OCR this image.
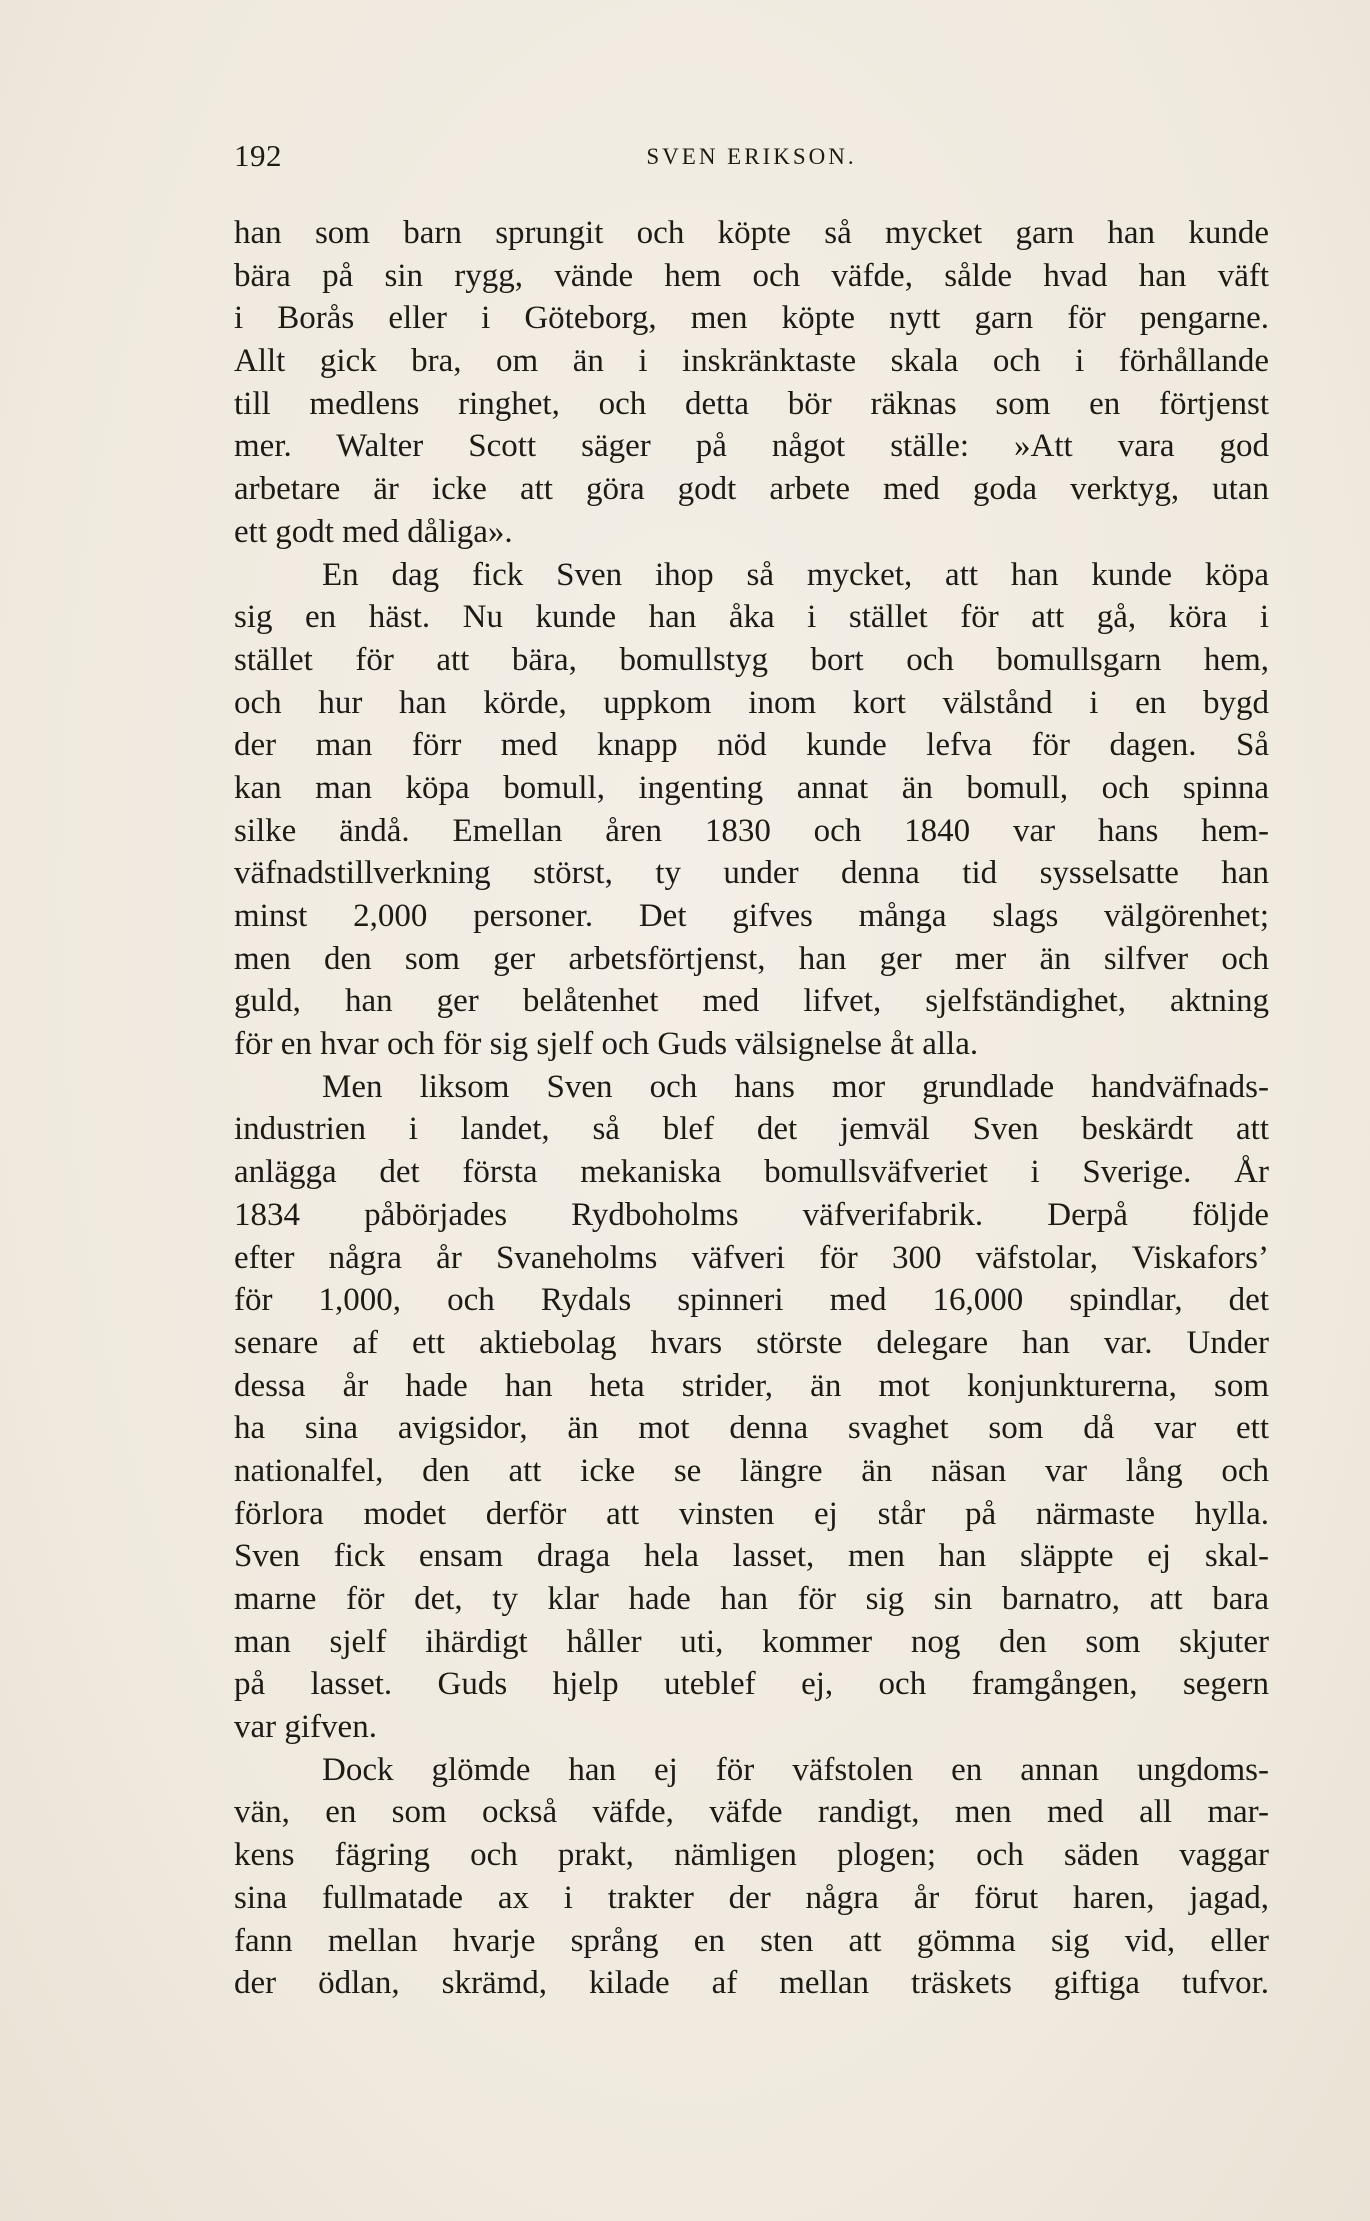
192	SVEN ERIKSON.
han som barn sprungit och köpte så mycket garn han kunde
bära på sin rygg, vände hem och väfde, sålde hvad han väft
i Borås eller i Göteborg, men köpte nytt garn för pengarne.
Allt gick bra, om än i inskränktaste skala och i förhållande
till medlens ringhet, och detta bör räknas som en förtjenst
mer. Walter Scott säger på något ställe: »Att vara god
arbetare är icke att göra godt arbete med goda verktyg, utan
ett godt med dåliga».
En dag fick Sven ihop så mycket, att han kunde köpa
sig en häst. Nu kunde han åka i stället för att gå, köra i
stället för att bära, bomullstyg bort och bomullsgarn hem,
och hur han körde, uppkom inom kort välstånd i en bygd
der man förr med knapp nöd kunde lefva för dagen. Så
kan man köpa bomull, ingenting annat än bomull, och spinna
silke ändå. Emellan åren 1830 och 1840 var hans hem-
väfnadstillverkning störst, ty under denna tid sysselsatte han
minst 2,000 personer. Det gifves många slags välgörenhet;
men den som ger arbetsförtjenst, han ger mer än silfver och
guld, han ger belåtenhet med lifvet, sjelfständighet, aktning
för en hvar och för sig sjelf och Guds välsignelse åt alla.
Men liksom Sven och hans mor grundlade handväfnads-
industrien i landet, så blef det jemväl Sven beskärdt att
anlägga det första mekaniska bomullsväfveriet i Sverige. År
1834 påbörjades Rydboholms väfverifabrik. Derpå följde
efter några år Svaneholms väfveri för 300 väfstolar, Viskafors’
för 1,000, och Rydals spinneri med 16,000 spindlar, det
senare af ett aktiebolag hvars störste delegare han var. Under
dessa år hade han heta strider, än mot konjunkturerna, som
ha sina avigsidor, än mot denna svaghet som då var ett
nationalfel, den att icke se längre än näsan var lång och
förlora modet derför att vinsten ej står på närmaste hylla.
Sven fick ensam draga hela lasset, men han släppte ej skal-
marne för det, ty klar hade han för sig sin barnatro, att bara
man sjelf ihärdigt håller uti, kommer nog den som skjuter
på lasset. Guds hjelp uteblef ej, och framgången, segern
var gifven.
Dock glömde han ej för väfstolen en annan ungdoms-
vän, en som också väfde, väfde randigt, men med all mar-
kens fägring och prakt, nämligen plogen; och säden vaggar
sina fullmatade ax i trakter der några år förut haren, jagad,
fann mellan hvarje språng en sten att gömma sig vid, eller
der ödlan, skrämd, kilade af mellan träskets giftiga tufvor.
